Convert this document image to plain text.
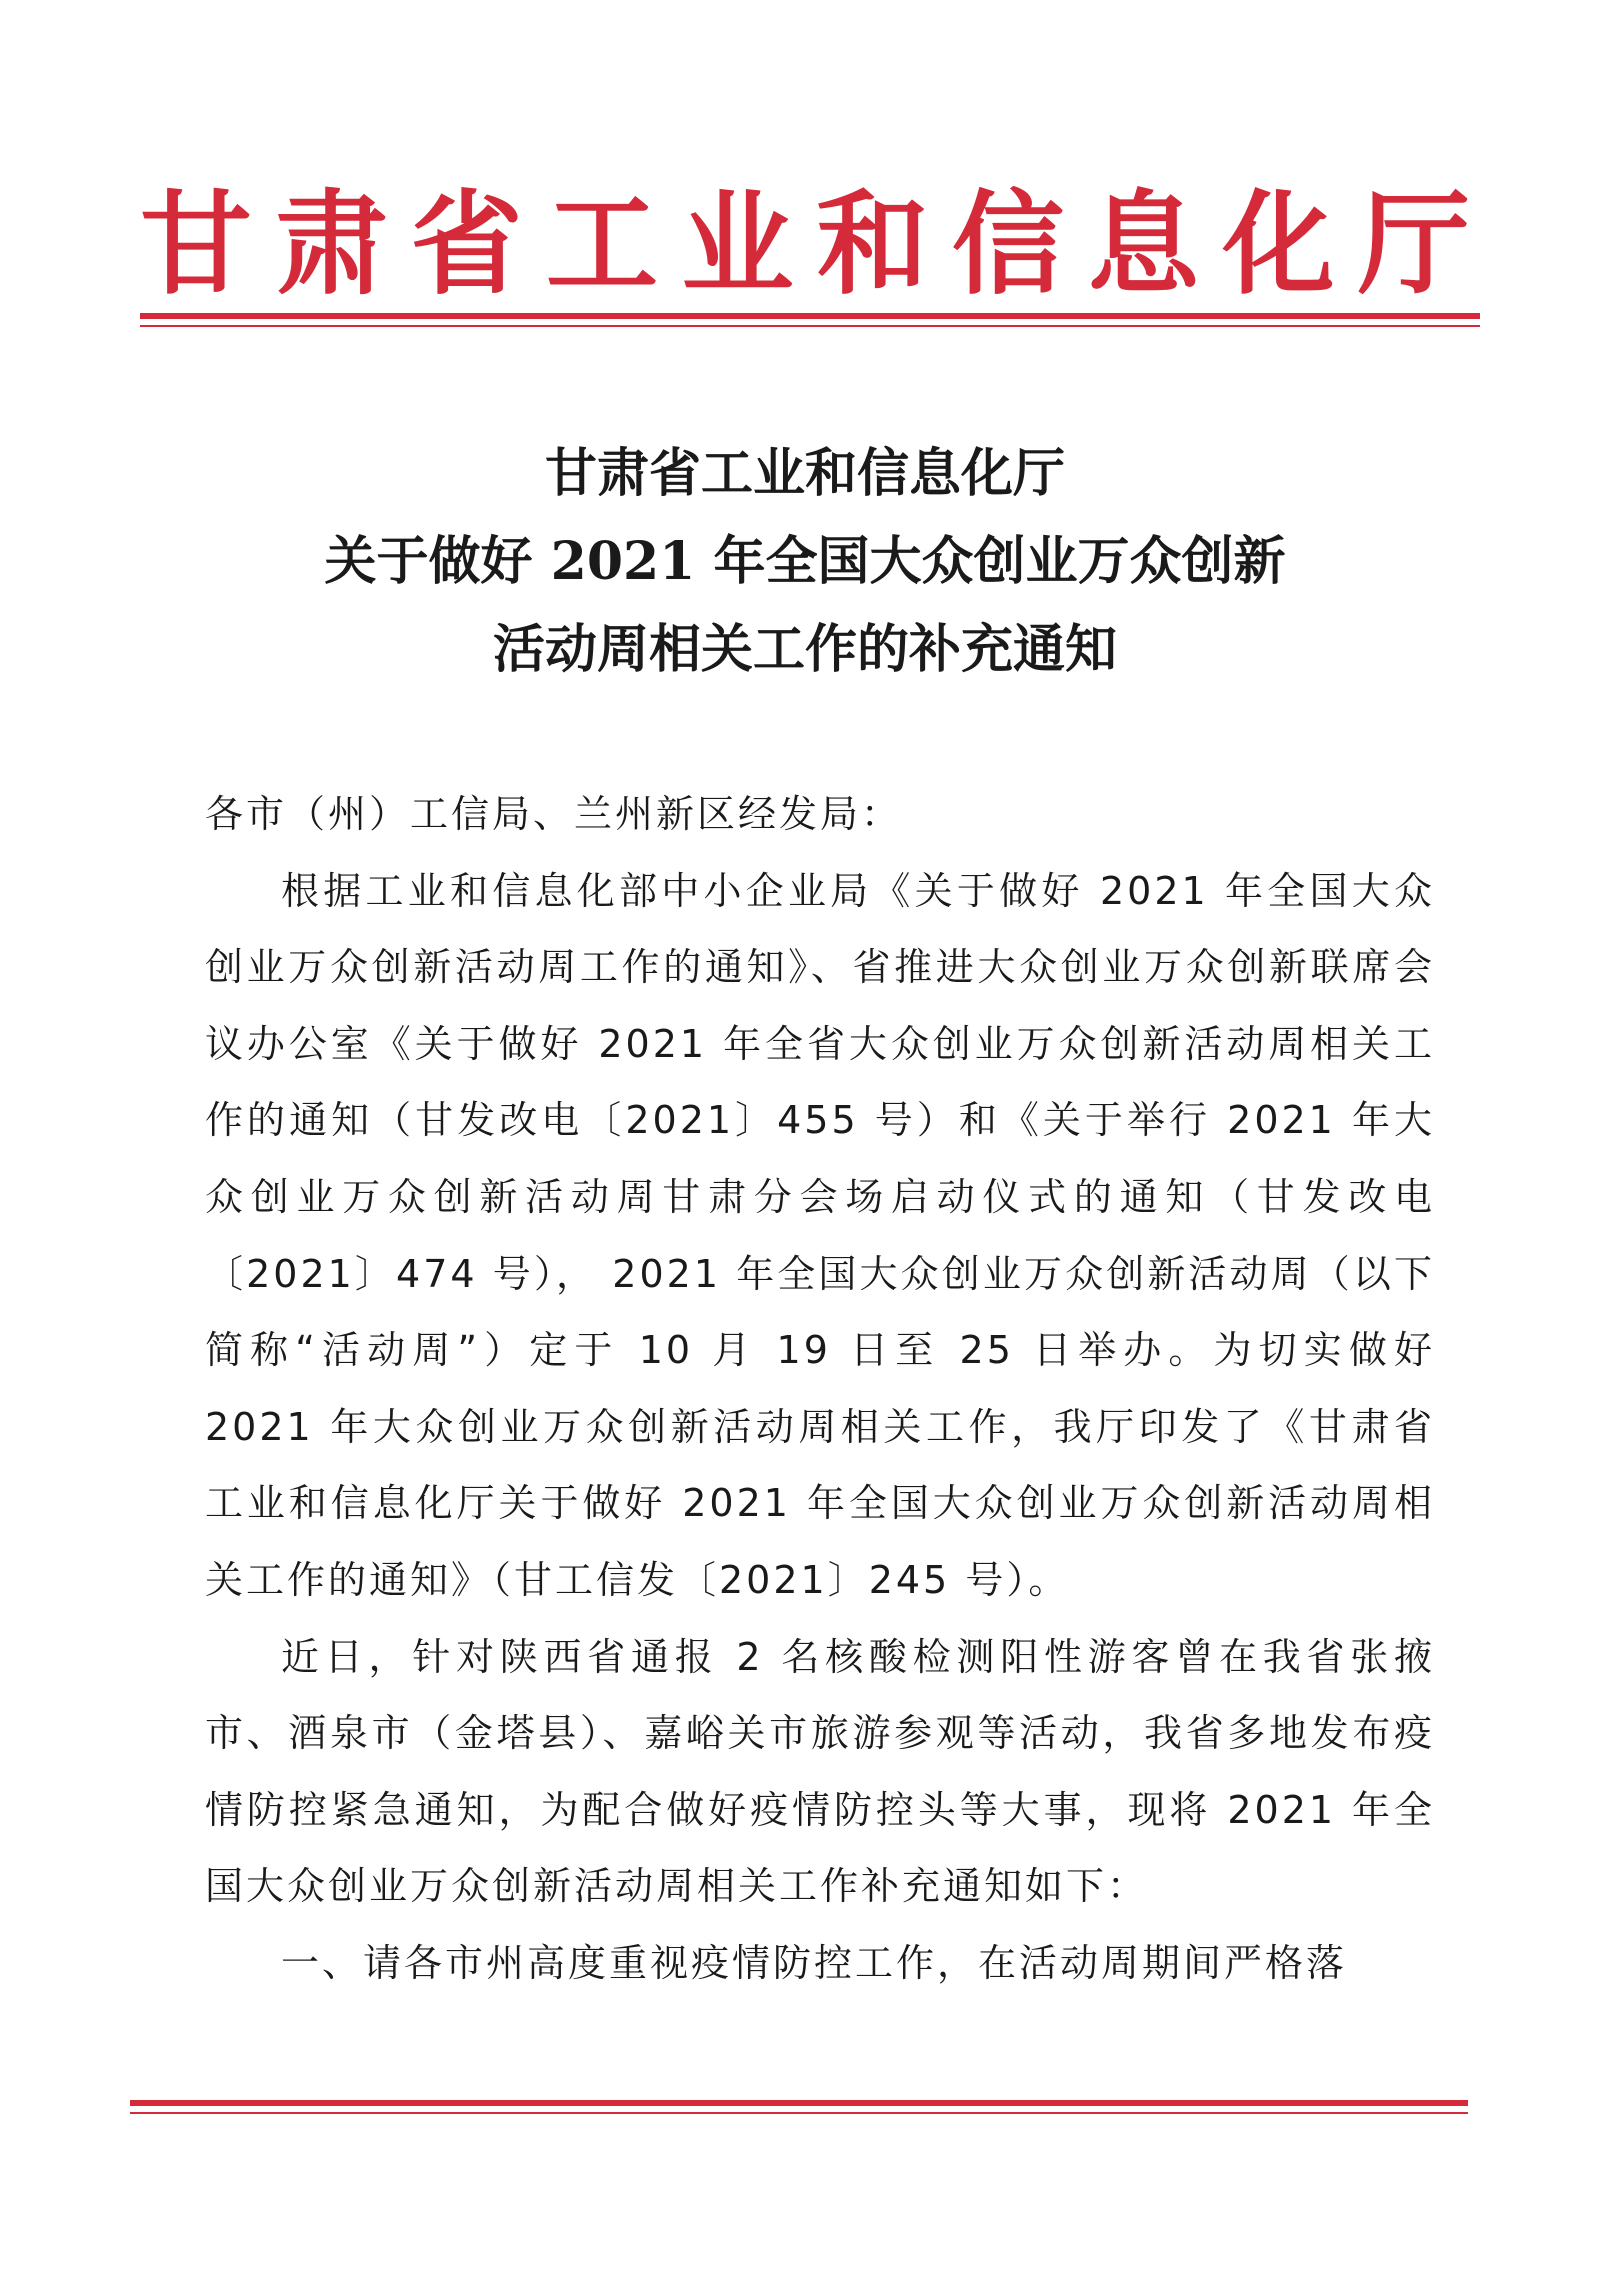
甘 肃 省 工 业 和 信 息 化 厅
甘肃省工业和信息化厅
关于做好 2021 年全国大众创业万众创新
活动周相关工作的补充通知

各市（州）工信局、兰州新区经发局：

根据工业和信息化部中小企业局《关于做好 2021 年全国大众创业万众创新活动周工作的通知》、省推进大众创业万众创新联席会议办公室《关于做好 2021 年全省大众创业万众创新活动周相关工作的通知（甘发改电〔2021〕455 号）和《关于举行 2021 年大众创业万众创新活动周甘肃分会场启动仪式的通知（甘发改电〔2021〕474 号）， 2021 年全国大众创业万众创新活动周（以下简称“活动周”）定于 10 月 19 日至 25 日举办。为切实做好 2021 年大众创业万众创新活动周相关工作，我厅印发了《甘肃省工业和信息化厅关于做好 2021 年全国大众创业万众创新活动周相关工作的通知》（甘工信发〔2021〕245 号）。

近日，针对陕西省通报 2 名核酸检测阳性游客曾在我省张掖市、酒泉市（金塔县）、嘉峪关市旅游参观等活动，我省多地发布疫情防控紧急通知，为配合做好疫情防控头等大事，现将 2021 年全国大众创业万众创新活动周相关工作补充通知如下：

一、请各市州高度重视疫情防控工作，在活动周期间严格落
